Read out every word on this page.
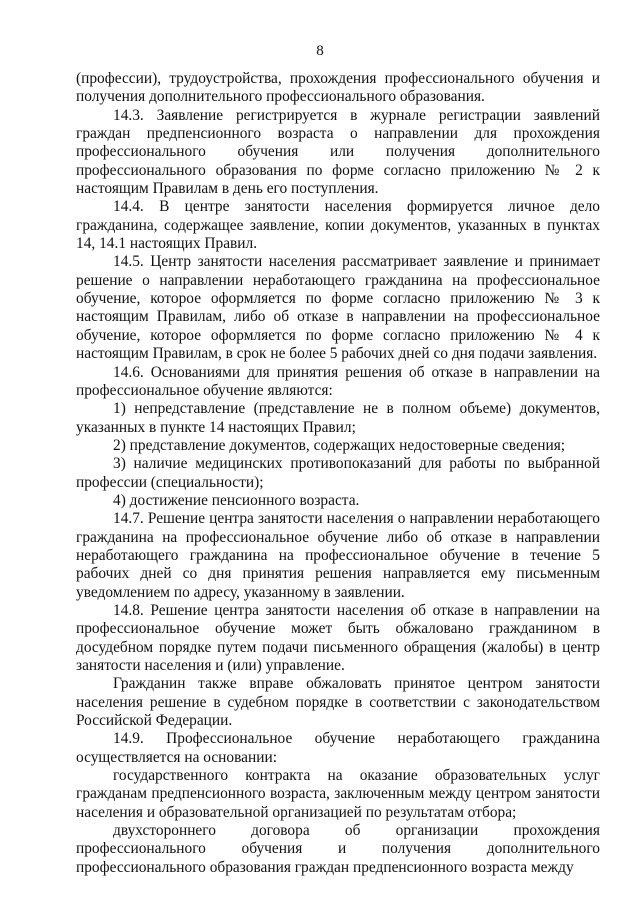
8

(профессии), трудоустройства, прохождения профессионального обучения и получения дополнительного профессионального образования.

14.3. Заявление регистрируется в журнале регистрации заявлений граждан предпенсионного возраста о направлении для прохождения профессионального обучения или получения дополнительного профессионального образования по форме согласно приложению № 2 к настоящим Правилам в день его поступления.

14.4. В центре занятости населения формируется личное дело гражданина, содержащее заявление, копии документов, указанных в пунктах 14, 14.1 настоящих Правил.

14.5. Центр занятости населения рассматривает заявление и принимает решение о направлении неработающего гражданина на профессиональное обучение, которое оформляется по форме согласно приложению № 3 к настоящим Правилам, либо об отказе в направлении на профессиональное обучение, которое оформляется по форме согласно приложению № 4 к настоящим Правилам, в срок не более 5 рабочих дней со дня подачи заявления.

14.6. Основаниями для принятия решения об отказе в направлении на профессиональное обучение являются:

1) непредставление (представление не в полном объеме) документов, указанных в пункте 14 настоящих Правил;

2) представление документов, содержащих недостоверные сведения;

3) наличие медицинских противопоказаний для работы по выбранной профессии (специальности);

4) достижение пенсионного возраста.

14.7. Решение центра занятости населения о направлении неработающего гражданина на профессиональное обучение либо об отказе в направлении неработающего гражданина на профессиональное обучение в течение 5 рабочих дней со дня принятия решения направляется ему письменным уведомлением по адресу, указанному в заявлении.

14.8. Решение центра занятости населения об отказе в направлении на профессиональное обучение может быть обжаловано гражданином в досудебном порядке путем подачи письменного обращения (жалобы) в центр занятости населения и (или) управление.

Гражданин также вправе обжаловать принятое центром занятости населения решение в судебном порядке в соответствии с законодательством Российской Федерации.

14.9. Профессиональное обучение неработающего гражданина осуществляется на основании:

государственного контракта на оказание образовательных услуг гражданам предпенсионного возраста, заключенным между центром занятости населения и образовательной организацией по результатам отбора;

двухстороннего договора об организации прохождения профессионального обучения и получения дополнительного профессионального образования граждан предпенсионного возраста между
